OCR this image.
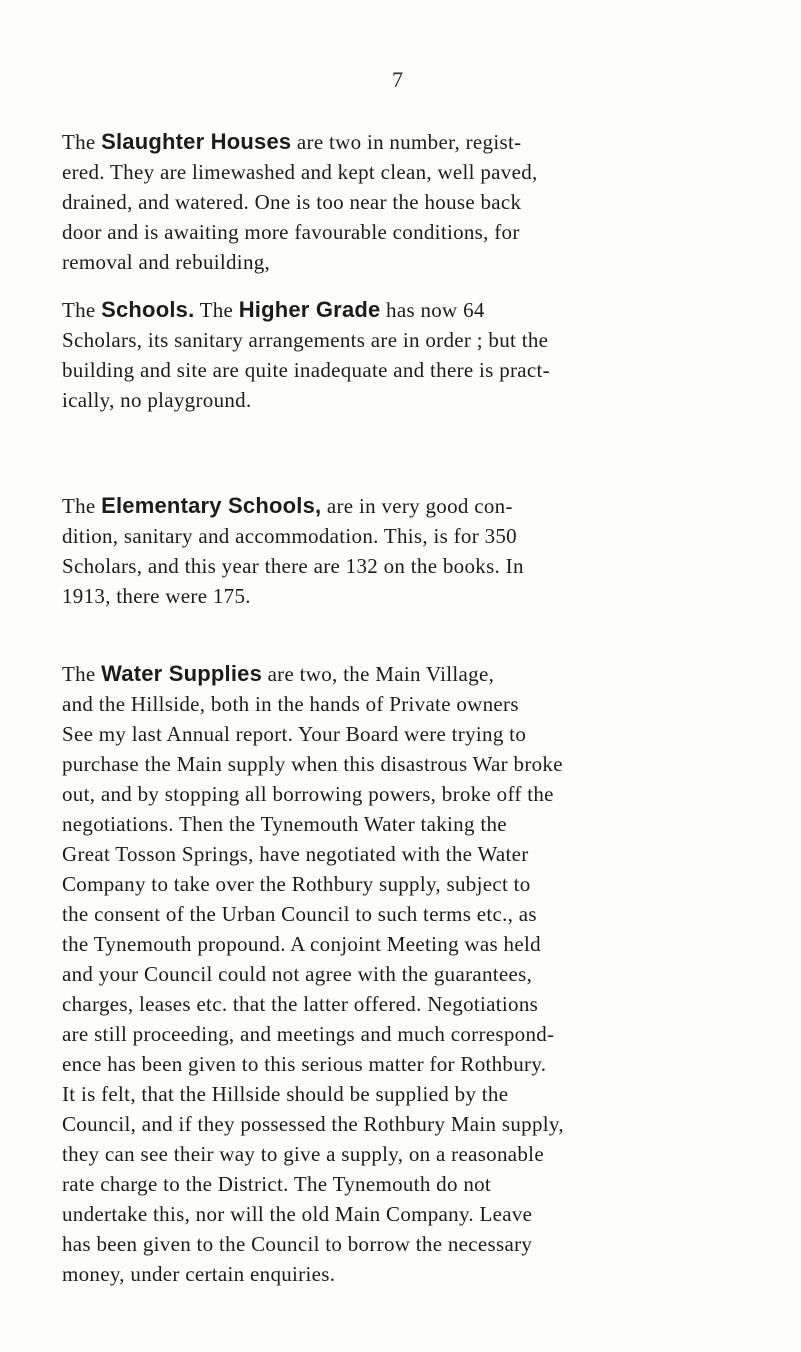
7

The Slaughter Houses are two in number, regist-
ered. They are limewashed and kept clean, well paved,
drained, and watered. One is too near the house back
door and is awaiting more favourable conditions, for
removal and rebuilding,

The Schools. The Higher Grade has now 64
Scholars, its sanitary arrangements are in order ; but the
building and site are quite inadequate and there is pract-
ically, no playground.

The Elementary Schools, are in very good con-
dition, sanitary and accommodation. This, is for 350
Scholars, and this year there are 132 on the books. In
1913, there were 175.

The Water Supplies are two, the Main Village,
and the Hillside, both in the hands of Private owners
See my last Annual report. Your Board were trying to
purchase the Main supply when this disastrous War broke
out, and by stopping all borrowing powers, broke off the
negotiations. Then the Tynemouth Water taking the
Great Tosson Springs, have negotiated with the Water
Company to take over the Rothbury supply, subject to
the consent of the Urban Council to such terms etc., as
the Tynemouth propound. A conjoint Meeting was held
and your Council could not agree with the guarantees,
charges, leases etc. that the latter offered. Negotiations
are still proceeding, and meetings and much correspond-
ence has been given to this serious matter for Rothbury.
It is felt, that the Hillside should be supplied by the
Council, and if they possessed the Rothbury Main supply,
they can see their way to give a supply, on a reasonable
rate charge to the District. The Tynemouth do not
undertake this, nor will the old Main Company. Leave
has been given to the Council to borrow the necessary
money, under certain enquiries.
